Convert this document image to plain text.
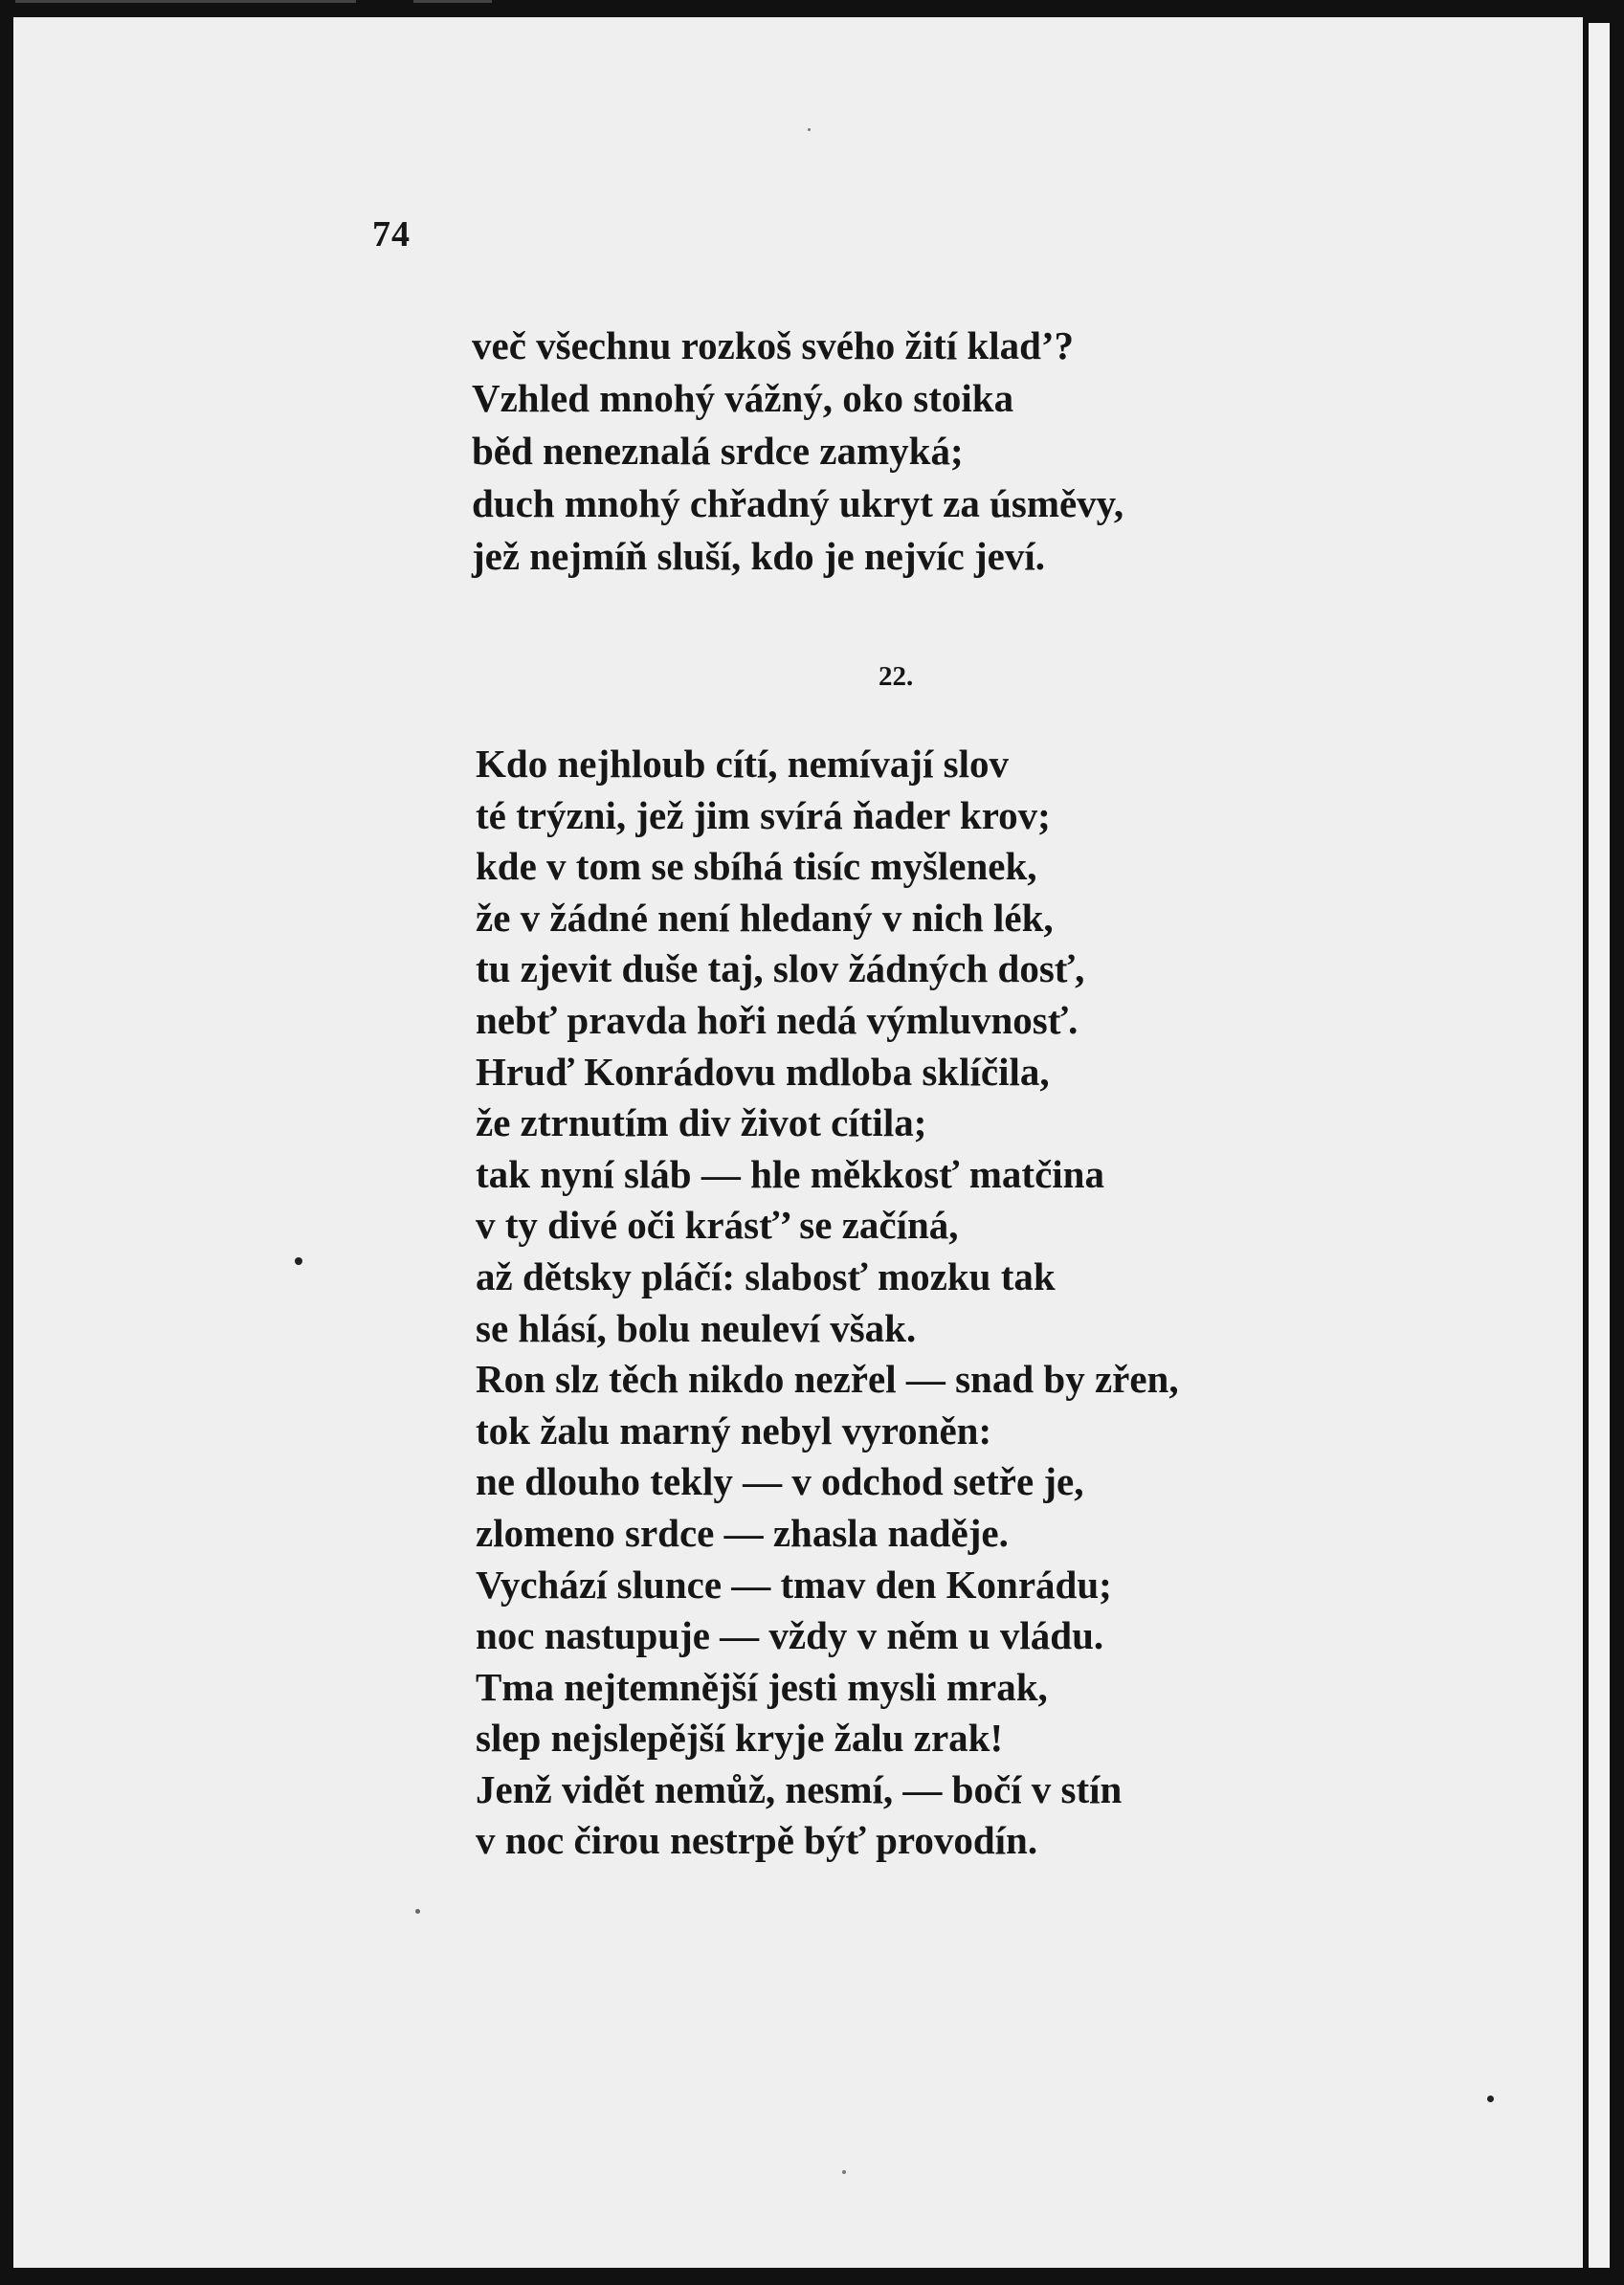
74
več všechnu rozkoš svého žití klad’?
Vzhled mnohý vážný, oko stoika
běd neneznalá srdce zamyká;
duch mnohý chřadný ukryt za úsměvy,
jež nejmíň sluší, kdo je nejvíc jeví.
22.
Kdo nejhloub cítí, nemívají slov
té trýzni, jež jim svírá ňader krov;
kde v tom se sbíhá tisíc myšlenek,
že v žádné není hledaný v nich lék,
tu zjevit duše taj, slov žádných dosť,
nebť pravda hoři nedá výmluvnosť.
Hruď Konrádovu mdloba sklíčila,
že ztrnutím div život cítila;
tak nyní sláb — hle měkkosť matčina
v ty divé oči krásť’ se začíná,
až dětsky pláčí: slabosť mozku tak
se hlásí, bolu neuleví však.
Ron slz těch nikdo nezřel — snad by zřen,
tok žalu marný nebyl vyroněn:
ne dlouho tekly — v odchod setře je,
zlomeno srdce — zhasla naděje.
Vychází slunce — tmav den Konrádu;
noc nastupuje — vždy v něm u vládu.
Tma nejtemnější jesti mysli mrak,
slep nejslepější kryje žalu zrak!
Jenž vidět nemůž, nesmí, — bočí v stín
v noc čirou nestrpě býť provodín.
